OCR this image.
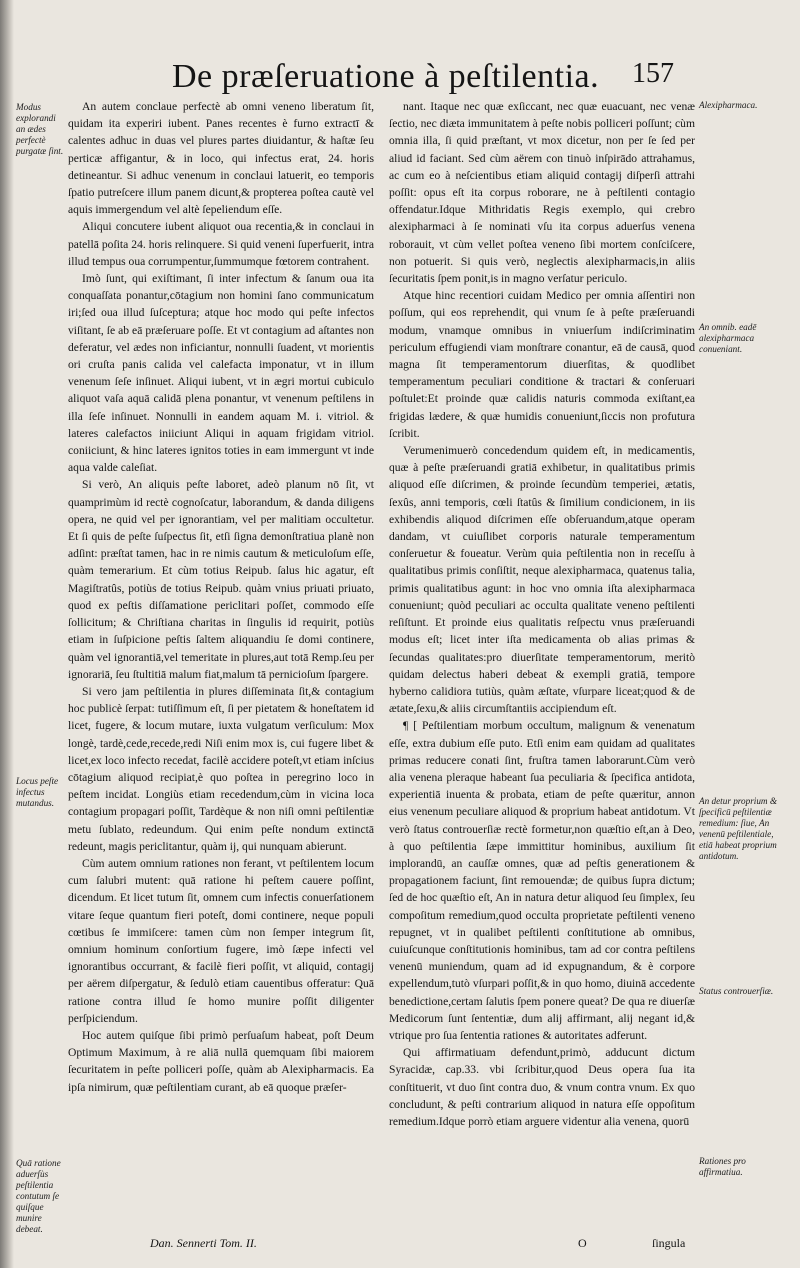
De præſeruatione à peſtilentia. 157

An autem conclaue perfectè ab omni veneno liberatum ſit, quidam ita experiri iubent. Panes recentes è furno extractī & calentes adhuc in duas vel plures partes diuidantur, & haſtæ ſeu perticæ affigantur, & in loco, qui infectus erat, 24. horis detineantur. Si adhuc venenum in conclaui latuerit, eo temporis ſpatio putreſcere illum panem dicunt,& propterea poſtea cautè vel aquis immergendum vel altè ſepeliendum eſſe.

Aliqui concutere iubent aliquot oua recentia,& in conclaui in patellā poſita 24. horis relinquere. Si quid veneni ſuperfuerit, intra illud tempus oua corrumpentur,ſummumque fœtorem contrahent.

Imò ſunt, qui exiſtimant, ſi inter infectum & ſanum oua ita conquaſſata ponantur,cōtagium non homini ſano communicatum iri;ſed oua illud ſuſceptura; atque hoc modo qui peſte infectos viſitant, ſe ab eā præſeruare poſſe. Et vt contagium ad aſtantes non deferatur, vel ædes non inficiantur, nonnulli ſuadent, vt morientis ori cruſta panis calida vel calefacta imponatur, vt in illum venenum ſeſe inſinuet. Aliqui iubent, vt in ægri mortui cubiculo aliquot vaſa aquā calidā plena ponantur, vt venenum peſtilens in illa ſeſe inſinuet. Nonnulli in eandem aquam M. i. vitriol. & lateres calefactos iniiciunt Aliqui in aquam frigidam vitriol. coniiciunt, & hinc lateres ignitos toties in eam immergunt vt inde aqua valde caleſiat.

Si verò, An aliquis peſte laboret, adeò planum nō ſit, vt quamprimùm id rectè cognoſcatur, laborandum, & danda diligens opera, ne quid vel per ignorantiam, vel per malitiam occultetur. Et ſi quis de peſte ſuſpectus ſit, etſi ſigna demonſtratiua planè non adſint: præſtat tamen, hac in re nimis cautum & meticuloſum eſſe, quàm temerarium. Et cùm totius Reipub. ſalus hic agatur, eſt Magiſtratûs, potiùs de totius Reipub. quàm vnius priuati priuato, quod ex peſtis diſſamatione periclitari poſſet, commodo eſſe ſollicitum; & Chriſtiana charitas in ſingulis id requirit, potiùs etiam in ſuſpicione peſtis ſaltem aliquandiu ſe domi continere, quàm vel ignorantiā,vel temeritate in plures,aut totā Remp.ſeu per ignorariā, ſeu ſtultitiā malum fiat,malum tā pernicioſum ſpargere.

Si vero jam peſtilentia in plures diſſeminata ſit,& contagium hoc publicè ſerpat: tutiſſimum eſt, ſi per pietatem & honeſtatem id licet, fugere, & locum mutare, iuxta vulgatum verſiculum: Mox longè, tardè,cede,recede,redi Niſi enim mox is, cui fugere libet & licet,ex loco infecto recedat, facilè accidere poteſt,vt etiam inſcius cōtagium aliquod recipiat,è quo poſtea in peregrino loco in peſtem incidat. Longiùs etiam recedendum,cùm in vicina loca contagium propagari poſſit, Tardèque & non niſi omni peſtilentiæ metu ſublato, redeundum. Qui enim peſte nondum extinctā redeunt, magis periclitantur, quàm ij, qui nunquam abierunt.

Cùm autem omnium rationes non ferant, vt peſtilentem locum cum ſalubri mutent: quā ratione hi peſtem cauere poſſint, dicendum. Et licet tutum ſit, omnem cum infectis conuerſationem vitare ſeque quantum fieri poteſt, domi continere, neque populi cœtibus ſe immiſcere: tamen cùm non ſemper integrum ſit, omnium hominum conſortium fugere, imò ſæpe infecti vel ignorantibus occurrant, & facilè fieri poſſit, vt aliquid, contagij per aërem diſpergatur, & ſedulò etiam cauentibus offeratur: Quā ratione contra illud ſe homo munire poſſit diligenter perſpiciendum.

Hoc autem quiſque ſibi primò perſuaſum habeat, poſt Deum Optimum Maximum, à re aliā nullā quemquam ſibi maiorem ſecuritatem in peſte polliceri poſſe, quàm ab Alexipharmacis. Ea ipſa nimirum, quæ peſtilentiam curant, ab eā quoque præſer-

nant. Itaque nec quæ exſiccant, nec quæ euacuant, nec venæ ſectio, nec diæta immunitatem à peſte nobis polliceri poſſunt; cùm omnia illa, ſi quid præſtant, vt mox dicetur, non per ſe ſed per aliud id faciant. Sed cùm aërem con tinuò inſpirādo attrahamus, ac cum eo à neſcientibus etiam aliquid contagij diſperſi attrahi poſſit: opus eſt ita corpus roborare, ne à peſtilenti contagio offendatur.Idque Mithridatis Regis exemplo, qui crebro alexipharmaci à ſe nominati vſu ita corpus aduerſus venena roborauit, vt cùm vellet poſtea veneno ſibi mortem conſciſcere, non potuerit. Si quis verò, neglectis alexipharmacis,in aliis ſecuritatis ſpem ponit,is in magno verſatur periculo.

Atque hinc recentiori cuidam Medico per omnia aſſentiri non poſſum, qui eos reprehendit, qui vnum ſe à peſte præſeruandi modum, vnamque omnibus in vniuerſum indiſcriminatim periculum effugiendi viam monſtrare conantur, eā de causā, quod magna ſit temperamentorum diuerſitas, & quodlibet temperamentum peculiari conditione & tractari & conſeruari poſtulet:Et proinde quæ calidis naturis commoda exiſtant,ea frigidas lædere, & quæ humidis conueniunt,ſiccis non profutura ſcribit.

Verumenimuerò concedendum quidem eſt, in medicamentis, quæ à peſte præſeruandi gratiā exhibetur, in qualitatibus primis aliquod eſſe diſcrimen, & proinde ſecundùm temperiei, ætatis, ſexûs, anni temporis, cœli ſtatûs & ſimilium condicionem, in iis exhibendis aliquod diſcrimen eſſe obſeruandum,atque operam dandam, vt cuiuſlibet corporis naturale temperamentum conſeruetur & foueatur. Verùm quia peſtilentia non in receſſu à qualitatibus primis conſiſtit, neque alexipharmaca, quatenus talia, primis qualitatibus agunt: in hoc vno omnia iſta alexipharmaca conueniunt; quòd peculiari ac occulta qualitate veneno peſtilenti reſiſtunt. Et proinde eius qualitatis reſpectu vnus præſeruandi modus eſt; licet inter iſta medicamenta ob alias primas & ſecundas qualitates:pro diuerſitate temperamentorum, meritò quidam delectus haberi debeat & exempli gratiā, tempore hyberno calidiora tutiùs, quàm æſtate, vſurpare liceat;quod & de ætate,ſexu,& aliis circumſtantiis accipiendum eſt.

¶ [ Peſtilentiam morbum occultum, malignum & venenatum eſſe, extra dubium eſſe puto. Etſi enim eam quidam ad qualitates primas reducere conati ſint, fruſtra tamen laborarunt.Cùm verò alia venena pleraque habeant ſua peculiaria & ſpecifica antidota, experientiā inuenta & probata, etiam de peſte quæritur, annon eius venenum peculiare aliquod & proprium habeat antidotum. Vt verò ſtatus controuerſiæ rectè formetur,non quæſtio eſt,an à Deo, à quo peſtilentia ſæpe immittitur hominibus, auxilium ſit implorandū, an cauſſæ omnes, quæ ad peſtis generationem & propagationem faciunt, ſint remouendæ; de quibus ſupra dictum; ſed de hoc quæſtio eſt, An in natura detur aliquod ſeu ſimplex, ſeu compoſitum remedium,quod occulta proprietate peſtilenti veneno repugnet, vt in qualibet peſtilenti conſtitutione ab omnibus, cuiuſcunque conſtitutionis hominibus, tam ad cor contra peſtilens venenū muniendum, quam ad id expugnandum, & è corpore expellendum,tutò vſurpari poſſit,& in quo homo, diuinā accedente benedictione,certam ſalutis ſpem ponere queat? De qua re diuerſæ Medicorum ſunt ſententiæ, dum alij affirmant, alij negant id,& vtrique pro ſua ſententia rationes & autoritates adferunt.

Qui affirmatiuam defendunt,primò, adducunt dictum Syracidæ, cap.33. vbi ſcribitur,quod Deus opera ſua ita conſtituerit, vt duo ſint contra duo, & vnum contra vnum. Ex quo concludunt, & peſti contrarium aliquod in natura eſſe oppoſitum remedium.Idque porrò etiam arguere videntur alia venena, quorū

Modus explorandi an ædes perfectè purgatæ ſint.
Locus peſte infectus mutandus.
Quā ratione aduerſùs peſtilentia contutum ſe quiſque munire debeat.
Alexipharmaca.
An omnib. eadē alexipharmaca conueniant.
An detur proprium & ſpecificū peſtilentiæ remedium: ſiue, An venenū peſtilentiale, etiā habeat proprium antidotum.
Status controuerſiæ.
Rationes pro affirmatiua.
Dan. Sennerti Tom. II.	O	ſingula
